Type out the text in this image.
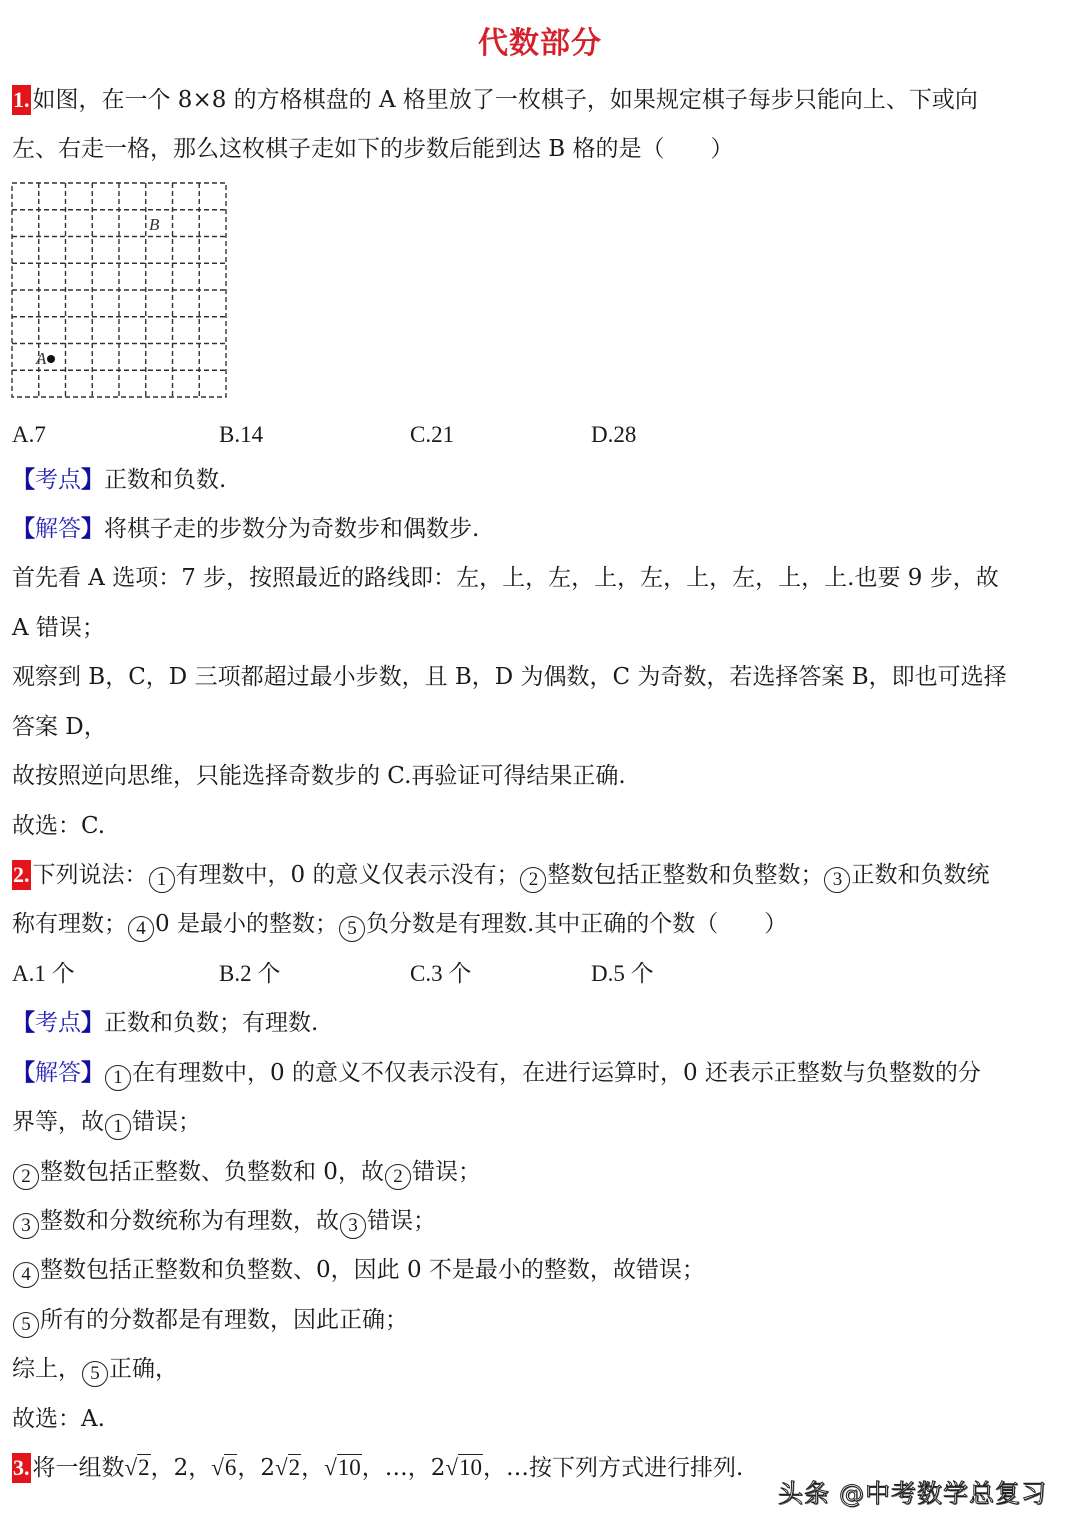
代数部分
1. 如图，在一个 8×8 的方格棋盘的 A 格里放了一枚棋子，如果规定棋子每步只能向上、下或向
左、右走一格，那么这枚棋子走如下的步数后能到达 B 格的是（　　）
B
A
A.7	B.14	C.21	D.28
【考点】正数和负数.
【解答】将棋子走的步数分为奇数步和偶数步.
首先看 A 选项：7 步，按照最近的路线即：左，上，左，上，左，上，左，上，上.也要 9 步，故
A 错误；
观察到 B，C，D 三项都超过最小步数，且 B，D 为偶数，C 为奇数，若选择答案 B，即也可选择
答案 D，
故按照逆向思维，只能选择奇数步的 C.再验证可得结果正确.
故选：C.
2. 下列说法： 1 有理数中，0 的意义仅表示没有； 2 整数包括正整数和负整数； 3 正数和负数统
称有理数； 4 0 是最小的整数； 5 负分数是有理数.其中正确的个数（　　）
A.1 个	B.2 个	C.3 个	D.5 个
【考点】正数和负数；有理数.
【解答】 1 在有理数中，0 的意义不仅表示没有，在进行运算时，0 还表示正整数与负整数的分
界等，故 1 错误；
2 整数包括正整数、负整数和 0，故 2 错误；
3 整数和分数统称为有理数，故 3 错误；
4 整数包括正整数和负整数、0，因此 0 不是最小的整数，故错误；
5 所有的分数都是有理数，因此正确；
综上， 5 正确，
故选：A.
3. 将一组数√2，2，√6，2√2，√10，…，2√10，…按下列方式进行排列.
头条 @中考数学总复习
